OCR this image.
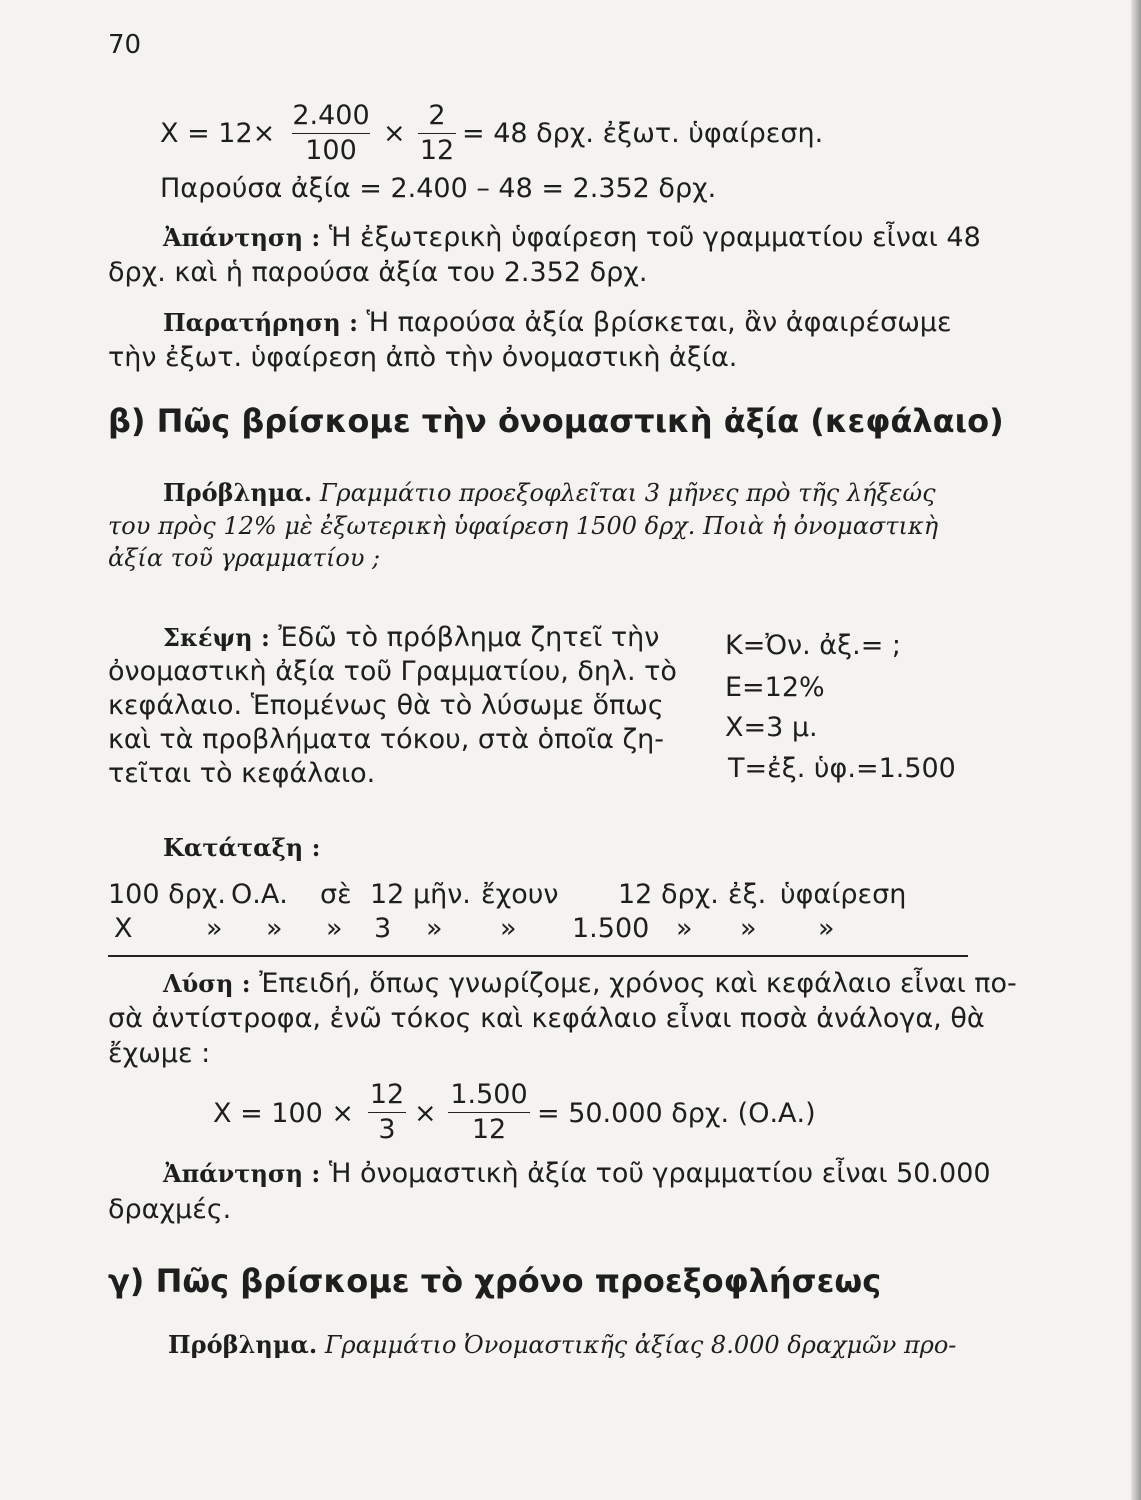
70
X = 12×
2.400
100
×
2
12
= 48 δρχ. ἐξωτ. ὑφαίρεση.
Παρούσα ἀξία = 2.400 – 48 = 2.352 δρχ.
Ἀπάντηση : Ἡ ἐξωτερικὴ ὑφαίρεση τοῦ γραμματίου εἶναι 48
δρχ. καὶ ἡ παρούσα ἀξία του 2.352 δρχ.
Παρατήρηση : Ἡ παρούσα ἀξία βρίσκεται, ἂν ἀφαιρέσωμε
τὴν ἐξωτ. ὑφαίρεση ἀπὸ τὴν ὀνομαστικὴ ἀξία.
β) Πῶς βρίσκομε τὴν ὀνομαστικὴ ἀξία (κεφάλαιο)
Πρόβλημα. Γραμμάτιο προεξοφλεῖται 3 μῆνες πρὸ τῆς λήξεώς
του πρὸς 12% μὲ ἐξωτερικὴ ὑφαίρεση 1500 δρχ. Ποιὰ ἡ ὀνομαστικὴ
ἀξία τοῦ γραμματίου ;
Σκέψη : Ἐδῶ τὸ πρόβλημα ζητεῖ τὴν
ὀνομαστικὴ ἀξία τοῦ Γραμματίου, δηλ. τὸ
κεφάλαιο. Ἑπομένως θὰ τὸ λύσωμε ὅπως
καὶ τὰ προβλήματα τόκου, στὰ ὁποῖα ζη-
τεῖται τὸ κεφάλαιο.
Κ=Ὀν. ἀξ.= ;
Ε=12%
Χ=3 μ.
Τ=ἐξ. ὑφ.=1.500
Κατάταξη :
100 δρχ. Ο.Α. σὲ 12 μῆν. ἔχουν 12 δρχ. ἐξ. ὑφαίρεση
Χ	» » » 3 » » 1.500 » » »
Λύση : Ἐπειδή, ὅπως γνωρίζομε, χρόνος καὶ κεφάλαιο εἶναι πο-
σὰ ἀντίστροφα, ἐνῶ τόκος καὶ κεφάλαιο εἶναι ποσὰ ἀνάλογα, θὰ
ἔχωμε :
Χ = 100 ×
12
3
×
1.500
12
= 50.000 δρχ. (Ο.Α.)
Ἀπάντηση : Ἡ ὀνομαστικὴ ἀξία τοῦ γραμματίου εἶναι 50.000
δραχμές.
γ) Πῶς βρίσκομε τὸ χρόνο προεξοφλήσεως
Πρόβλημα. Γραμμάτιο Ὀνομαστικῆς ἀξίας 8.000 δραχμῶν προ-
